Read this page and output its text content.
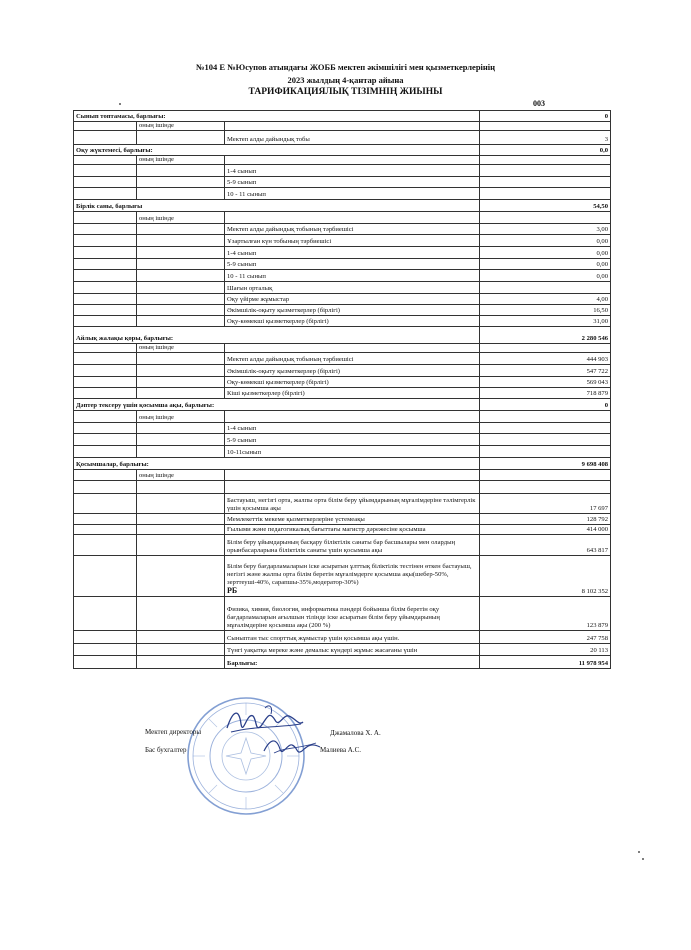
№104 Е №Юсупов атындағы ЖОББ мектеп әкімшілігі мен қызметкерлерінің
2023 жылдың 4-қантар айына
ТАРИФИКАЦИЯЛЫҚ ТІЗІМНІҢ ЖИЫНЫ
003
Сынып топтамасы, барлығы:			0
	оның ішінде		
		Мектеп алды дайындық тобы	3
Оқу жүктемесі, барлығы:			0,0
	оның ішінде		
		1-4 сынып	
		5-9 сынып	
		10 - 11 сынып	
Бірлік саны, барлығы			54,50
	оның ішінде		
		Мектеп алды дайындық тобының тәрбиешісі	3,00
		Ұзартылған күн тобының тәрбиешісі	0,00
		1-4 сынып	0,00
		5-9 сынып	0,00
		10 - 11 сынып	0,00
		Шағын орталық	
		Оқу үйірме жұмыстар	4,00
		Әкімшілік-оқыту қызметкерлер (бірлігі)	16,50
		Оқу-көмекші қызметкерлер (бірлігі)	31,00
Айлық жалақы қоры, барлығы:			2 280 546
	оның ішінде		
		Мектеп алды дайындық тобының тәрбиешісі	444 903
		Әкімшілік-оқыту қызметкерлер (бірлігі)	547 722
		Оқу-көмекші қызметкерлер (бірлігі)	569 043
		Кіші қызметкерлер (бірлігі)	718 879
Дәптер тексеру үшін қосымша ақы, барлығы:			0
	оның ішінде		
		1-4 сынып	
		5-9 сынып	
		10-11сынып	
Қосымшалар, барлығы:			9 698 408
	оның ішінде		

		Бастауыш, негізгі орта, жалпы орта білім беру ұйымдарының мұғалімдеріне тәлімгерлік үшін қосымша ақы	17 697
		Мемлекеттік мекеме қызметкерлеріне үстемеақы	128 792
		Ғылыми және педагогикалық бағыттағы магистр дәрежесіне қосымша	414 000
		Білім беру ұйымдарының басқару біліктілік санаты бар басшылары мен олардың орынбасарларына біліктілік санаты үшін қосымша ақы	643 817
		Білім беру бағдарламаларын іске асыратын ұлттық біліктілік тестінен өткен бастауыш, негізгі және жалпы орта білім беретін мұғалімдерге қосымша ақы(шебер-50%, зерттеуші-40%, сарапшы-35%,модератор-30%)
РБ	8 102 352
		Физика, химия, биология, информатика пәндері бойынша білім беретін оқу бағдарламаларын ағылшын тілінде іске асыратын білім беру ұйымдарының мұғалімдеріне қосымша ақы (200 %)	123 879
		Сыныптан тыс спорттық жұмыстар үшін қосымша ақы үшін.	247 758
		Түнгі уақытқа мереке және демалыс күндері жұмыс жасағаны үшін	20 113
		Барлығы:	11 978 954
Мектеп директоры	Джамалова Х. А.
Бас бухгалтер	Малиева А.С.
